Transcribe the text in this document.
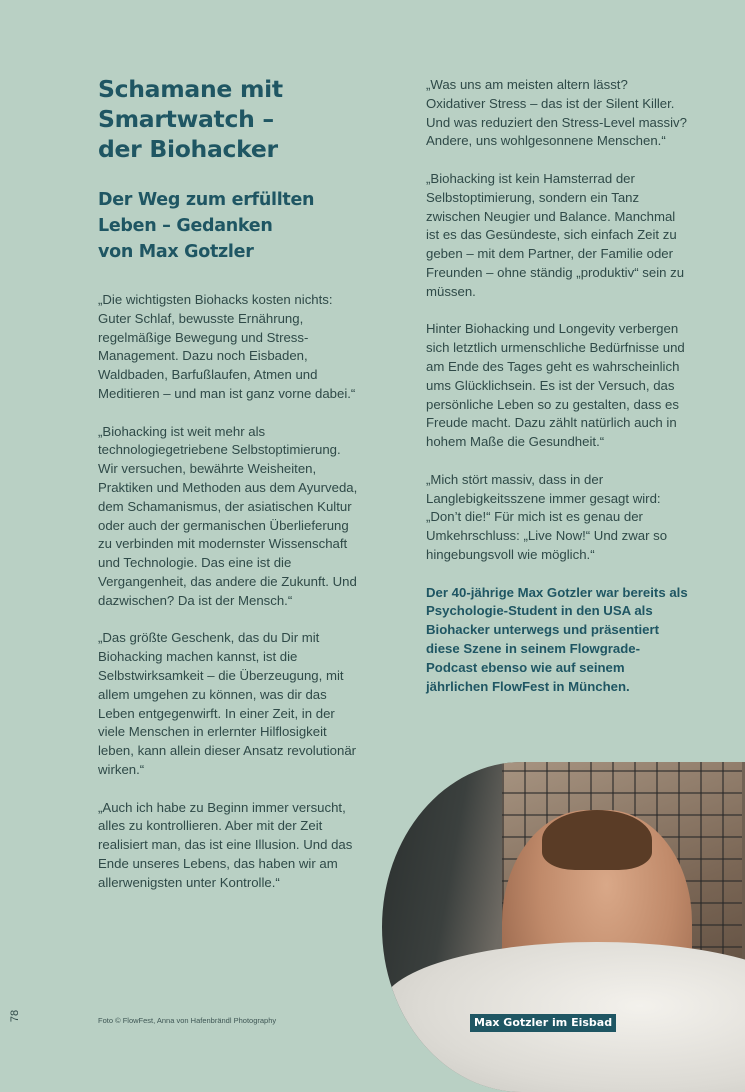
Schamane mit
Smartwatch –
der Biohacker
Der Weg zum erfüllten
Leben – Gedanken
von Max Gotzler

„Die wichtigsten Biohacks kosten nichts: Guter Schlaf, bewusste Ernährung, regelmäßige Bewegung und Stress-Management. Dazu noch Eisbaden, Waldbaden, Barfußlaufen, Atmen und Meditieren – und man ist ganz vorne dabei.“

„Biohacking ist weit mehr als technologiegetriebene Selbstoptimierung. Wir versuchen, bewährte Weisheiten, Praktiken und Methoden aus dem Ayurveda, dem Schamanismus, der asiatischen Kultur oder auch der germanischen Überlieferung zu verbinden mit modernster Wissenschaft und Technologie. Das eine ist die Vergangenheit, das andere die Zukunft. Und dazwischen? Da ist der Mensch.“

„Das größte Geschenk, das du Dir mit Biohacking machen kannst, ist die Selbstwirksamkeit – die Überzeugung, mit allem umgehen zu können, was dir das Leben entgegenwirft. In einer Zeit, in der viele Menschen in erlernter Hilflosigkeit leben, kann allein dieser Ansatz revolutionär wirken.“

„Auch ich habe zu Beginn immer versucht, alles zu kontrollieren. Aber mit der Zeit realisiert man, das ist eine Illusion. Und das Ende unseres Lebens, das haben wir am allerwenigsten unter Kontrolle.“

„Was uns am meisten altern lässt? Oxidativer Stress – das ist der Silent Killer. Und was reduziert den Stress-Level massiv? Andere, uns wohlgesonnene Menschen.“

„Biohacking ist kein Hamsterrad der Selbstoptimierung, sondern ein Tanz zwischen Neugier und Balance. Manchmal ist es das Gesündeste, sich einfach Zeit zu geben – mit dem Partner, der Familie oder Freunden – ohne ständig „produktiv“ sein zu müssen.

Hinter Biohacking und Longevity verbergen sich letztlich urmenschliche Bedürfnisse und am Ende des Tages geht es wahrscheinlich ums Glücklichsein. Es ist der Versuch, das persönliche Leben so zu gestalten, dass es Freude macht. Dazu zählt natürlich auch in hohem Maße die Gesundheit.“

„Mich stört massiv, dass in der Langlebigkeitsszene immer gesagt wird: „Don’t die!“ Für mich ist es genau der Umkehrschluss: „Live Now!“ Und zwar so hingebungsvoll wie möglich.“

Der 40-jährige Max Gotzler war bereits als Psychologie-Student in den USA als Biohacker unterwegs und präsentiert diese Szene in seinem Flowgrade-Podcast ebenso wie auf seinem jährlichen FlowFest in München.

Max Gotzler im Eisbad
Foto © FlowFest, Anna von Hafenbrändl Photography
78
